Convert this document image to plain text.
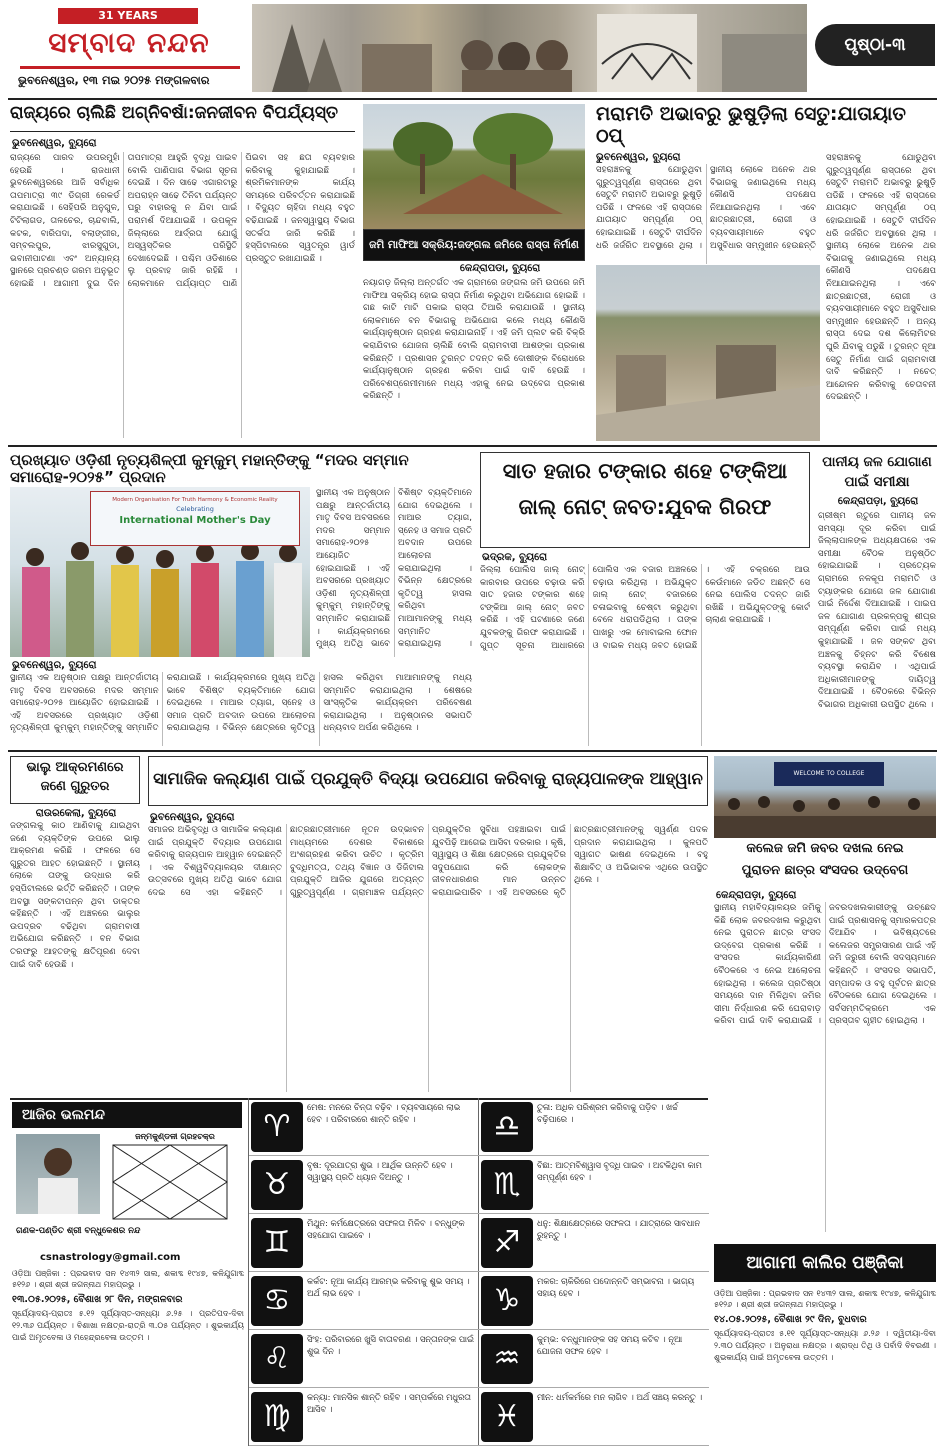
31 YEARS
ସମ୍ବାଦ ନନ୍ଦନ
ଭୁବନେଶ୍ୱର, ୧୩ ମଇ ୨୦୨୫ ମଙ୍ଗଳବାର
ପୃଷ୍ଠା-୩
ରାଜ୍ୟରେ ଚାଲିଛି ଅଗ୍ନିବର୍ଷା:ଜନଜୀବନ ବିପର୍ଯ୍ୟସ୍ତ
ଭୁବନେଶ୍ୱର, ବ୍ୟୁରୋ
ରାଜ୍ୟରେ ପାରଦ ଉପରମୁହାଁ ହେଉଛି । ରାଜଧାନୀ ଭୁବନେଶ୍ୱରରେ ଆଜି ସର୍ବାଧିକ ତାପମାତ୍ରା ୩୯ ଡିଗ୍ରୀ ରେକର୍ଡ କରାଯାଇଛି । ସେହିପରି ଅନୁଗୁଳ, ଟିଟିଲାଗଡ, ତାଳଚେର, ଚାନ୍ଦବାଲି, କଟକ, ବାରିପଦା, ବଲାଙ୍ଗୀର, ସମ୍ବଲପୁର, ଝାରସୁଗୁଡା, ଭବାନୀପାଟଣା ଏବଂ ଅନ୍ୟାନ୍ୟ ସ୍ଥାନରେ ପ୍ରଚଣ୍ଡ ଗରମ ଅନୁଭୂତ ହୋଇଛି । ଆଗାମୀ ଦୁଇ ଦିନ ତାପମାତ୍ରା ଆହୁରି ବୃଦ୍ଧି ପାଇବ ବୋଲି ପାଣିପାଗ ବିଭାଗ ସୂଚନା ଦେଇଛି । ଦିନ ସାଢେ ଏଗାରଟାରୁ ଅପରାହ୍ନ ସାଢେ ତିନିଟା ପର୍ଯ୍ୟନ୍ତ ଘରୁ ବାହାରକୁ ନ ଯିବା ପାଇଁ ପରାମର୍ଶ ଦିଆଯାଇଛି । ଉପକୂଳ ଜିଲ୍ଲାରେ ଆର୍ଦ୍ରତା ଯୋଗୁଁ ଅସ୍ୱସ୍ତିକର ପରିସ୍ଥିତି ଦେଖାଦେଇଛି । ପଶ୍ଚିମ ଓଡିଶାରେ ଲୁ ପ୍ରବାହ ଜାରି ରହିଛି । ଲୋକମାନେ ପର୍ଯ୍ୟାପ୍ତ ପାଣି ପିଇବା ସହ ଛତା ବ୍ୟବହାର କରିବାକୁ କୁହାଯାଇଛି । ଶ୍ରମିକମାନଙ୍କ କାର୍ଯ୍ୟ ସମୟରେ ପରିବର୍ତ୍ତନ କରାଯାଇଛି । ବିଦ୍ୟୁତ ଚାହିଦା ମଧ୍ୟ ବହୁତ ବଢିଯାଇଛି । ଜନସ୍ୱାସ୍ଥ୍ୟ ବିଭାଗ ସତର୍କତା ଜାରି କରିଛି । ହସ୍ପିଟାଲରେ ସ୍ୱତନ୍ତ୍ର ୱାର୍ଡ ପ୍ରସ୍ତୁତ ରଖାଯାଇଛି ।
ଜମି ମାଫିଆ ସକ୍ରିୟ:ଜଙ୍ଗଲ ଜମିରେ ରାସ୍ତା ନିର୍ମାଣ
କେନ୍ଦ୍ରାପଡା, ବ୍ୟୁରୋ
ନୟାଗଡ଼ ଜିଲ୍ଲା ଅନ୍ତର୍ଗତ ଏକ ଗ୍ରାମରେ ଜଙ୍ଗଲ ଜମି ଉପରେ ଜମି ମାଫିଆ ସକ୍ରିୟ ହୋଇ ରାସ୍ତା ନିର୍ମାଣ କରୁଥିବା ଅଭିଯୋଗ ହୋଇଛି । ଗଛ କାଟି ମାଟି ପକାଇ ରାସ୍ତା ତିଆରି କରାଯାଉଛି । ସ୍ଥାନୀୟ ଲୋକମାନେ ବନ ବିଭାଗକୁ ଅଭିଯୋଗ କଲେ ମଧ୍ୟ କୌଣସି କାର୍ଯ୍ୟାନୁଷ୍ଠାନ ଗ୍ରହଣ କରାଯାଇନାହିଁ । ଏହି ଜମି ପ୍ଲଟ କରି ବିକ୍ରି କରାଯିବାର ଯୋଜନା ଚାଲିଛି ବୋଲି ଗ୍ରାମବାସୀ ଆଶଙ୍କା ପ୍ରକାଶ କରିଛନ୍ତି । ପ୍ରଶାସନ ତୁରନ୍ତ ତଦନ୍ତ କରି ଦୋଷୀଙ୍କ ବିରୋଧରେ କାର୍ଯ୍ୟାନୁଷ୍ଠାନ ଗ୍ରହଣ କରିବା ପାଇଁ ଦାବି ହେଉଛି । ପରିବେଶପ୍ରେମୀମାନେ ମଧ୍ୟ ଏହାକୁ ନେଇ ଉଦ୍‌ବେଗ ପ୍ରକାଶ କରିଛନ୍ତି ।
ମରାମତି ଅଭାବରୁ ଭୁଷୁଡ଼ିଲା ସେତୁ:ଯାତାୟାତ ଠପ୍
ଭୁବନେଶ୍ୱର, ବ୍ୟୁରୋ
ସହରାଞ୍ଚଳକୁ ଯୋଡୁଥିବା ଗୁରୁତ୍ୱପୂର୍ଣ୍ଣ ରାସ୍ତାରେ ଥିବା ସେତୁଟି ମରାମତି ଅଭାବରୁ ଭୁଷୁଡ଼ି ପଡିଛି । ଫଳରେ ଏହି ରାସ୍ତାରେ ଯାତାୟାତ ସମ୍ପୂର୍ଣ୍ଣ ଠପ୍ ହୋଇଯାଇଛି । ସେତୁଟି ଦୀର୍ଘଦିନ ଧରି ଜର୍ଜରିତ ଅବସ୍ଥାରେ ଥିଲା । ସ୍ଥାନୀୟ ଲୋକେ ଅନେକ ଥର ବିଭାଗକୁ ଜଣାଇଥିଲେ ମଧ୍ୟ କୌଣସି ପଦକ୍ଷେପ ନିଆଯାଇନଥିଲା । ଏବେ ଛାତ୍ରଛାତ୍ରୀ, ରୋଗୀ ଓ ବ୍ୟବସାୟୀମାନେ ବହୁତ ଅସୁବିଧାର ସମ୍ମୁଖୀନ ହେଉଛନ୍ତି
ସହରାଞ୍ଚଳକୁ ଯୋଡୁଥିବା ଗୁରୁତ୍ୱପୂର୍ଣ୍ଣ ରାସ୍ତାରେ ଥିବା ସେତୁଟି ମରାମତି ଅଭାବରୁ ଭୁଷୁଡ଼ି ପଡିଛି । ଫଳରେ ଏହି ରାସ୍ତାରେ ଯାତାୟାତ ସମ୍ପୂର୍ଣ୍ଣ ଠପ୍ ହୋଇଯାଇଛି । ସେତୁଟି ଦୀର୍ଘଦିନ ଧରି ଜର୍ଜରିତ ଅବସ୍ଥାରେ ଥିଲା । ସ୍ଥାନୀୟ ଲୋକେ ଅନେକ ଥର ବିଭାଗକୁ ଜଣାଇଥିଲେ ମଧ୍ୟ କୌଣସି ପଦକ୍ଷେପ ନିଆଯାଇନଥିଲା । ଏବେ ଛାତ୍ରଛାତ୍ରୀ, ରୋଗୀ ଓ ବ୍ୟବସାୟୀମାନେ ବହୁତ ଅସୁବିଧାର ସମ୍ମୁଖୀନ ହେଉଛନ୍ତି । ଅନ୍ୟ ରାସ୍ତା ଦେଇ ଦଶ କିଲୋମିଟର ଘୁରି ଯିବାକୁ ପଡୁଛି । ତୁରନ୍ତ ନୂଆ ସେତୁ ନିର୍ମାଣ ପାଇଁ ଗ୍ରାମବାସୀ ଦାବି କରିଛନ୍ତି । ନଚେତ୍ ଆନ୍ଦୋଳନ କରିବାକୁ ଚେତାବନୀ ଦେଇଛନ୍ତି ।
ପ୍ରଖ୍ୟାତ ଓଡ଼ିଶୀ ନୃତ୍ୟଶିଳ୍ପୀ କୁମ୍‌କୁମ୍ ମହାନ୍ତିଙ୍କୁ “ମଦର ସମ୍ମାନ ସମାରୋହ-୨୦୨୫” ପ୍ରଦାନ
Modern Organisation For Truth Harmony & Economic Reality
Celebrating
International Mother's Day
ସ୍ଥାନୀୟ ଏକ ଅନୁଷ୍ଠାନ ପକ୍ଷରୁ ଆନ୍ତର୍ଜାତୀୟ ମାତୃ ଦିବସ ଅବସରରେ ମଦର ସମ୍ମାନ ସମାରୋହ-୨୦୨୫ ଆୟୋଜିତ ହୋଇଯାଇଛି । ଏହି ଅବସରରେ ପ୍ରଖ୍ୟାତ ଓଡ଼ିଶୀ ନୃତ୍ୟଶିଳ୍ପୀ କୁମ୍‌କୁମ୍ ମହାନ୍ତିଙ୍କୁ ସମ୍ମାନିତ କରାଯାଇଛି । କାର୍ଯ୍ୟକ୍ରମରେ ମୁଖ୍ୟ ଅତିଥି ଭାବେ ବିଶିଷ୍ଟ ବ୍ୟକ୍ତିମାନେ ଯୋଗ ଦେଇଥିଲେ । ମାଆର ତ୍ୟାଗ, ସ୍ନେହ ଓ ସମାଜ ପ୍ରତି ଅବଦାନ ଉପରେ ଆଲୋଚନା କରାଯାଇଥିଲା । ବିଭିନ୍ନ କ୍ଷେତ୍ରରେ କୃତିତ୍ୱ ହାସଲ କରିଥିବା ମାଆମାନଙ୍କୁ ମଧ୍ୟ ସମ୍ମାନିତ କରାଯାଇଥିଲା ।
ଭୁବନେଶ୍ୱର, ବ୍ୟୁରୋ
ସ୍ଥାନୀୟ ଏକ ଅନୁଷ୍ଠାନ ପକ୍ଷରୁ ଆନ୍ତର୍ଜାତୀୟ ମାତୃ ଦିବସ ଅବସରରେ ମଦର ସମ୍ମାନ ସମାରୋହ-୨୦୨୫ ଆୟୋଜିତ ହୋଇଯାଇଛି । ଏହି ଅବସରରେ ପ୍ରଖ୍ୟାତ ଓଡ଼ିଶୀ ନୃତ୍ୟଶିଳ୍ପୀ କୁମ୍‌କୁମ୍ ମହାନ୍ତିଙ୍କୁ ସମ୍ମାନିତ କରାଯାଇଛି । କାର୍ଯ୍ୟକ୍ରମରେ ମୁଖ୍ୟ ଅତିଥି ଭାବେ ବିଶିଷ୍ଟ ବ୍ୟକ୍ତିମାନେ ଯୋଗ ଦେଇଥିଲେ । ମାଆର ତ୍ୟାଗ, ସ୍ନେହ ଓ ସମାଜ ପ୍ରତି ଅବଦାନ ଉପରେ ଆଲୋଚନା କରାଯାଇଥିଲା । ବିଭିନ୍ନ କ୍ଷେତ୍ରରେ କୃତିତ୍ୱ ହାସଲ କରିଥିବା ମାଆମାନଙ୍କୁ ମଧ୍ୟ ସମ୍ମାନିତ କରାଯାଇଥିଲା । ଶେଷରେ ସାଂସ୍କୃତିକ କାର୍ଯ୍ୟକ୍ରମ ପରିବେଷଣ କରାଯାଇଥିଲା । ଅନୁଷ୍ଠାନର ସଭାପତି ଧନ୍ୟବାଦ ଅର୍ପଣ କରିଥିଲେ ।
ସାତ ହଜାର ଟଙ୍କାର ଶହେ ଟଙ୍କିଆ
ଜାଲ୍ ନୋଟ୍ ଜବତ:ଯୁବକ ଗିରଫ
ଭଦ୍ରକ, ବ୍ୟୁରୋ
ଜିଲ୍ଲା ପୋଲିସ ଜାଲ୍ ନୋଟ୍ କାରବାର ଉପରେ ଚଢ଼ାଉ କରି ସାତ ହଜାର ଟଙ୍କାର ଶହେ ଟଙ୍କିଆ ଜାଲ୍ ନୋଟ୍ ଜବତ କରିଛି । ଏହି ଘଟଣାରେ ଜଣେ ଯୁବକଙ୍କୁ ଗିରଫ କରାଯାଇଛି । ଗୁପ୍ତ ସୂଚନା ଆଧାରରେ ପୋଲିସ ଏକ ବଜାର ଅଞ୍ଚଳରେ ଚଢ଼ାଉ କରିଥିଲା । ଅଭିଯୁକ୍ତ ଜାଲ୍ ନୋଟ୍ ବଜାରରେ ଚଳାଇବାକୁ ଚେଷ୍ଟା କରୁଥିବା ବେଳେ ଧରାପଡିଥିଲା । ତାଙ୍କ ପାଖରୁ ଏକ ମୋବାଇଲ ଫୋନ ଓ ବାଇକ ମଧ୍ୟ ଜବତ ହୋଇଛି । ଏହି ଚକ୍ରରେ ଆଉ କେଉଁମାନେ ଜଡିତ ଅଛନ୍ତି ସେ ନେଇ ପୋଲିସ ତଦନ୍ତ ଜାରି ରଖିଛି । ଅଭିଯୁକ୍ତଙ୍କୁ କୋର୍ଟ ଚାଲାଣ କରାଯାଇଛି ।
ପାନୀୟ ଜଳ ଯୋଗାଣ ପାଇଁ ସମୀକ୍ଷା
କେନ୍ଦ୍ରାପଡ଼ା, ବ୍ୟୁରୋ
ଗ୍ରୀଷ୍ମ ଋତୁରେ ପାନୀୟ ଜଳ ସମସ୍ୟା ଦୂର କରିବା ପାଇଁ ଜିଲ୍ଲାପାଳଙ୍କ ଅଧ୍ୟକ୍ଷତାରେ ଏକ ସମୀକ୍ଷା ବୈଠକ ଅନୁଷ୍ଠିତ ହୋଇଯାଇଛି । ପ୍ରତ୍ୟେକ ଗ୍ରାମରେ ନଳକୂପ ମରାମତି ଓ ଟ୍ୟାଙ୍କର ଯୋଗେ ଜଳ ଯୋଗାଣ ପାଇଁ ନିର୍ଦ୍ଦେଶ ଦିଆଯାଇଛି । ପାଇପ ଜଳ ଯୋଗାଣ ପ୍ରକଳ୍ପକୁ ଶୀଘ୍ର ସମ୍ପୂର୍ଣ୍ଣ କରିବା ପାଇଁ ମଧ୍ୟ କୁହାଯାଇଛି । ଜଳ ସଙ୍କଟ ଥିବା ଅଞ୍ଚଳକୁ ଚିହ୍ନଟ କରି ବିଶେଷ ବ୍ୟବସ୍ଥା କରାଯିବ । ଏଥିପାଇଁ ଅଧିକାରୀମାନଙ୍କୁ ଦାୟିତ୍ୱ ଦିଆଯାଇଛି । ବୈଠକରେ ବିଭିନ୍ନ ବିଭାଗର ଅଧିକାରୀ ଉପସ୍ଥିତ ଥିଲେ ।
ଭାଲୁ ଆକ୍ରମଣରେ
ଜଣେ ଗୁରୁତର
ରାଉରକେଲା, ବ୍ୟୁରୋ
ଜଙ୍ଗଲକୁ କାଠ ଆଣିବାକୁ ଯାଇଥିବା ଜଣେ ବ୍ୟକ୍ତିଙ୍କ ଉପରେ ଭାଲୁ ଆକ୍ରମଣ କରିଛି । ଫଳରେ ସେ ଗୁରୁତର ଆହତ ହୋଇଛନ୍ତି । ସ୍ଥାନୀୟ ଲୋକେ ତାଙ୍କୁ ଉଦ୍ଧାର କରି ହସ୍ପିଟାଲରେ ଭର୍ତ୍ତି କରିଛନ୍ତି । ତାଙ୍କ ଅବସ୍ଥା ସଙ୍କଟାପନ୍ନ ଥିବା ଡାକ୍ତର କହିଛନ୍ତି । ଏହି ଅଞ୍ଚଳରେ ଭାଲୁର ଉପଦ୍ରବ ବଢିଥିବା ଗ୍ରାମବାସୀ ଅଭିଯୋଗ କରିଛନ୍ତି । ବନ ବିଭାଗ ତରଫରୁ ଆହତଙ୍କୁ କ୍ଷତିପୂରଣ ଦେବା ପାଇଁ ଦାବି ହେଉଛି ।
ସାମାଜିକ କଲ୍ୟାଣ ପାଇଁ ପ୍ରଯୁକ୍ତି ବିଦ୍ୟା ଉପଯୋଗ କରିବାକୁ ରାଜ୍ୟପାଳଙ୍କ ଆହ୍ୱାନ
ଭୁବନେଶ୍ୱର, ବ୍ୟୁରୋ
ସମାଜର ଅଭିବୃଦ୍ଧି ଓ ସାମାଜିକ କଲ୍ୟାଣ ପାଇଁ ପ୍ରଯୁକ୍ତି ବିଦ୍ୟାର ଉପଯୋଗ କରିବାକୁ ରାଜ୍ୟପାଳ ଆହ୍ୱାନ ଦେଇଛନ୍ତି । ଏକ ବିଶ୍ୱବିଦ୍ୟାଳୟର ଦୀକ୍ଷାନ୍ତ ଉତ୍ସବରେ ମୁଖ୍ୟ ଅତିଥି ଭାବେ ଯୋଗ ଦେଇ ସେ ଏହା କହିଛନ୍ତି । ଛାତ୍ରଛାତ୍ରୀମାନେ ନୂତନ ଉଦ୍ଭାବନ ମାଧ୍ୟମରେ ଦେଶର ବିକାଶରେ ଅଂଶଗ୍ରହଣ କରିବା ଉଚିତ । କୃତ୍ରିମ ବୁଦ୍ଧିମତ୍ତା, ତଥ୍ୟ ବିଜ୍ଞାନ ଓ ଡିଜିଟାଲ ପ୍ରଯୁକ୍ତି ଆଜିର ଯୁଗରେ ଅତ୍ୟନ୍ତ ଗୁରୁତ୍ୱପୂର୍ଣ୍ଣ । ଗ୍ରାମାଞ୍ଚଳ ପର୍ଯ୍ୟନ୍ତ ପ୍ରଯୁକ୍ତିର ସୁବିଧା ପହଞ୍ଚାଇବା ପାଇଁ ଯୁବପିଢ଼ି ଆଗେଇ ଆସିବା ଦରକାର । କୃଷି, ସ୍ୱାସ୍ଥ୍ୟ ଓ ଶିକ୍ଷା କ୍ଷେତ୍ରରେ ପ୍ରଯୁକ୍ତିର ସଦୁପଯୋଗ କରି ଲୋକଙ୍କ ଜୀବନଧାରଣର ମାନ ଉନ୍ନତ କରାଯାଇପାରିବ । ଏହି ଅବସରରେ କୃତି ଛାତ୍ରଛାତ୍ରୀମାନଙ୍କୁ ସ୍ୱର୍ଣ୍ଣ ପଦକ ପ୍ରଦାନ କରାଯାଇଥିଲା । କୁଳପତି ସ୍ୱାଗତ ଭାଷଣ ଦେଇଥିଲେ । ବହୁ ଶିକ୍ଷାବିତ୍ ଓ ଅଭିଭାବକ ଏଥିରେ ଉପସ୍ଥିତ ଥିଲେ ।
WELCOME TO COLLEGE
କଲେଜ ଜମି ଜବର ଦଖଲ ନେଇ
ପୁରାତନ ଛାତ୍ର ସଂସଦର ଉଦ୍‌ବେଗ
କେନ୍ଦ୍ରାପଡ଼ା, ବ୍ୟୁରୋ
ସ୍ଥାନୀୟ ମହାବିଦ୍ୟାଳୟର ଜମିକୁ କିଛି ଲୋକ ଜବରଦଖଲ କରୁଥିବା ନେଇ ପୁରାତନ ଛାତ୍ର ସଂସଦ ଉଦ୍‌ବେଗ ପ୍ରକାଶ କରିଛି । ସଂସଦର କାର୍ଯ୍ୟକାରିଣୀ ବୈଠକରେ ଏ ନେଇ ଆଲୋଚନା ହୋଇଥିଲା । କଲେଜ ପ୍ରତିଷ୍ଠା ସମୟରେ ଦାନ ମିଳିଥିବା ଜମିର ସୀମା ନିର୍ଦ୍ଧାରଣ କରି ଘେରାବାଡ଼ କରିବା ପାଇଁ ଦାବି କରାଯାଇଛି । ଜବରଦଖଲକାରୀଙ୍କୁ ଉଚ୍ଛେଦ ପାଇଁ ପ୍ରଶାସନକୁ ସ୍ମାରକପତ୍ର ଦିଆଯିବ । ଭବିଷ୍ୟତରେ କଲେଜର ସମ୍ପ୍ରସାରଣ ପାଇଁ ଏହି ଜମି ଜରୁରୀ ବୋଲି ସଦସ୍ୟମାନେ କହିଛନ୍ତି । ସଂସଦର ସଭାପତି, ସମ୍ପାଦକ ଓ ବହୁ ପୂର୍ବତନ ଛାତ୍ର ବୈଠକରେ ଯୋଗ ଦେଇଥିଲେ । ସର୍ବସମ୍ମତିକ୍ରମେ ଏକ ପ୍ରସ୍ତାବ ଗୃହୀତ ହୋଇଥିଲା ।
ଆଜିର ଭଲମନ୍ଦ
ଜନ୍ମକୁଣ୍ଡଳୀ ଗ୍ରହଚକ୍ର
ଗଣକ-ପଣ୍ଡିତ ଶ୍ରୀ ବନ୍ଧୁକେଶର ନନ୍ଦ
csnastrology@gmail.com
ଓଡ଼ିଆ ପଞ୍ଜିକା : ପ୍ରଭବାଦ ସନ ୧୪୩୨ ସାଲ, ଶକାବ୍ଦ ୧୯୪୭, କଳିଯୁଗାବ୍ଦ ୫୧୨୬ । ଶ୍ରୀ ଶ୍ରୀ ଜଗନ୍ନାଥ ମହାପ୍ରଭୁ ।
୧୩.୦୫.୨୦୨୫, ବୈଶାଖ ୨୮ ଦିନ, ମଙ୍ଗଳବାର
ସୂର୍ଯ୍ୟୋଦୟ-ପ୍ରାତଃ ୫.୧୨ ସୂର୍ଯ୍ୟାସ୍ତ-ସନ୍ଧ୍ୟା ୬.୨୫ । ପ୍ରତିପଦ-ଦିବା ୧୨.୩୬ ପର୍ଯ୍ୟନ୍ତ । ବିଶାଖା ନକ୍ଷତ୍ର-ରାତ୍ରି ୩.୦୫ ପର୍ଯ୍ୟନ୍ତ । ଶୁଭକାର୍ଯ୍ୟ ପାଇଁ ଅମୃତବେଳା ଓ ମହେନ୍ଦ୍ରବେଳା ଉତ୍ତମ ।
♈
ମେଷ: ମନରେ ଚିନ୍ତା ବଢ଼ିବ । ବ୍ୟବସାୟରେ ଲାଭ ହେବ । ପରିବାରରେ ଶାନ୍ତି ରହିବ ।
♉
ବୃଷ: ଦୂରଯାତ୍ରା ଶୁଭ । ଆର୍ଥିକ ଉନ୍ନତି ହେବ । ସ୍ୱାସ୍ଥ୍ୟ ପ୍ରତି ଧ୍ୟାନ ଦିଅନ୍ତୁ ।
♊
ମିଥୁନ: କର୍ମକ୍ଷେତ୍ରରେ ସଫଳତା ମିଳିବ । ବନ୍ଧୁଙ୍କ ସହଯୋଗ ପାଇବେ ।
♋
କର୍କଟ: ନୂଆ କାର୍ଯ୍ୟ ଆରମ୍ଭ କରିବାକୁ ଶୁଭ ସମୟ । ଅର୍ଥ ଲାଭ ହେବ ।
♌
ସିଂହ: ପରିବାରରେ ଖୁସି ବାତାବରଣ । ସନ୍ତାନଙ୍କ ପାଇଁ ଶୁଭ ଦିନ ।
♍
କନ୍ୟା: ମାନସିକ ଶାନ୍ତି ରହିବ । ସମ୍ପର୍କରେ ମଧୁରତା ଆସିବ ।
♎
ତୁଳା: ଅଧିକ ପରିଶ୍ରମ କରିବାକୁ ପଡ଼ିବ । ଖର୍ଚ୍ଚ ବଢ଼ିପାରେ ।
♏
ବିଛା: ଆତ୍ମବିଶ୍ୱାସ ବୃଦ୍ଧି ପାଇବ । ଅଟକିଥିବା କାମ ସମ୍ପୂର୍ଣ୍ଣ ହେବ ।
♐
ଧନୁ: ଶିକ୍ଷାକ୍ଷେତ୍ରରେ ସଫଳତା । ଯାତ୍ରାରେ ସାବଧାନ ରୁହନ୍ତୁ ।
♑
ମକର: ଚାକିରିରେ ପଦୋନ୍ନତି ସମ୍ଭାବନା । ଭାଗ୍ୟ ସହାୟ ହେବ ।
♒
କୁମ୍ଭ: ବନ୍ଧୁମାନଙ୍କ ସହ ସମୟ କଟିବ । ନୂଆ ଯୋଜନା ସଫଳ ହେବ ।
♓
ମୀନ: ଧର୍ମକର୍ମରେ ମନ ଲାଗିବ । ଅର୍ଥ ସଞ୍ଚୟ କରନ୍ତୁ ।
ଆଗାମୀ କାଲିର ପଞ୍ଜିକା
ଓଡ଼ିଆ ପଞ୍ଜିକା : ପ୍ରଭବାଦ ସନ ୧୪୩୨ ସାଲ, ଶକାବ୍ଦ ୧୯୪୭, କଳିଯୁଗାବ୍ଦ ୫୧୨୬ । ଶ୍ରୀ ଶ୍ରୀ ଜଗନ୍ନାଥ ମହାପ୍ରଭୁ ।
୧୪.୦୫.୨୦୨୫, ବୈଶାଖ ୨୯ ଦିନ, ବୁଧବାର
ସୂର୍ଯ୍ୟୋଦୟ-ପ୍ରାତଃ ୫.୧୧ ସୂର୍ଯ୍ୟାସ୍ତ-ସନ୍ଧ୍ୟା ୬.୨୬ । ଦ୍ୱିତୀୟା-ଦିବା ୨.୩୦ ପର୍ଯ୍ୟନ୍ତ । ଅନୁରାଧା ନକ୍ଷତ୍ର । ଶ୍ରାଦ୍ଧ ତିଥି ଓ ପର୍ବାଦି ବିବରଣୀ । ଶୁଭକାର୍ଯ୍ୟ ପାଇଁ ଅମୃତବେଳା ଉତ୍ତମ ।
